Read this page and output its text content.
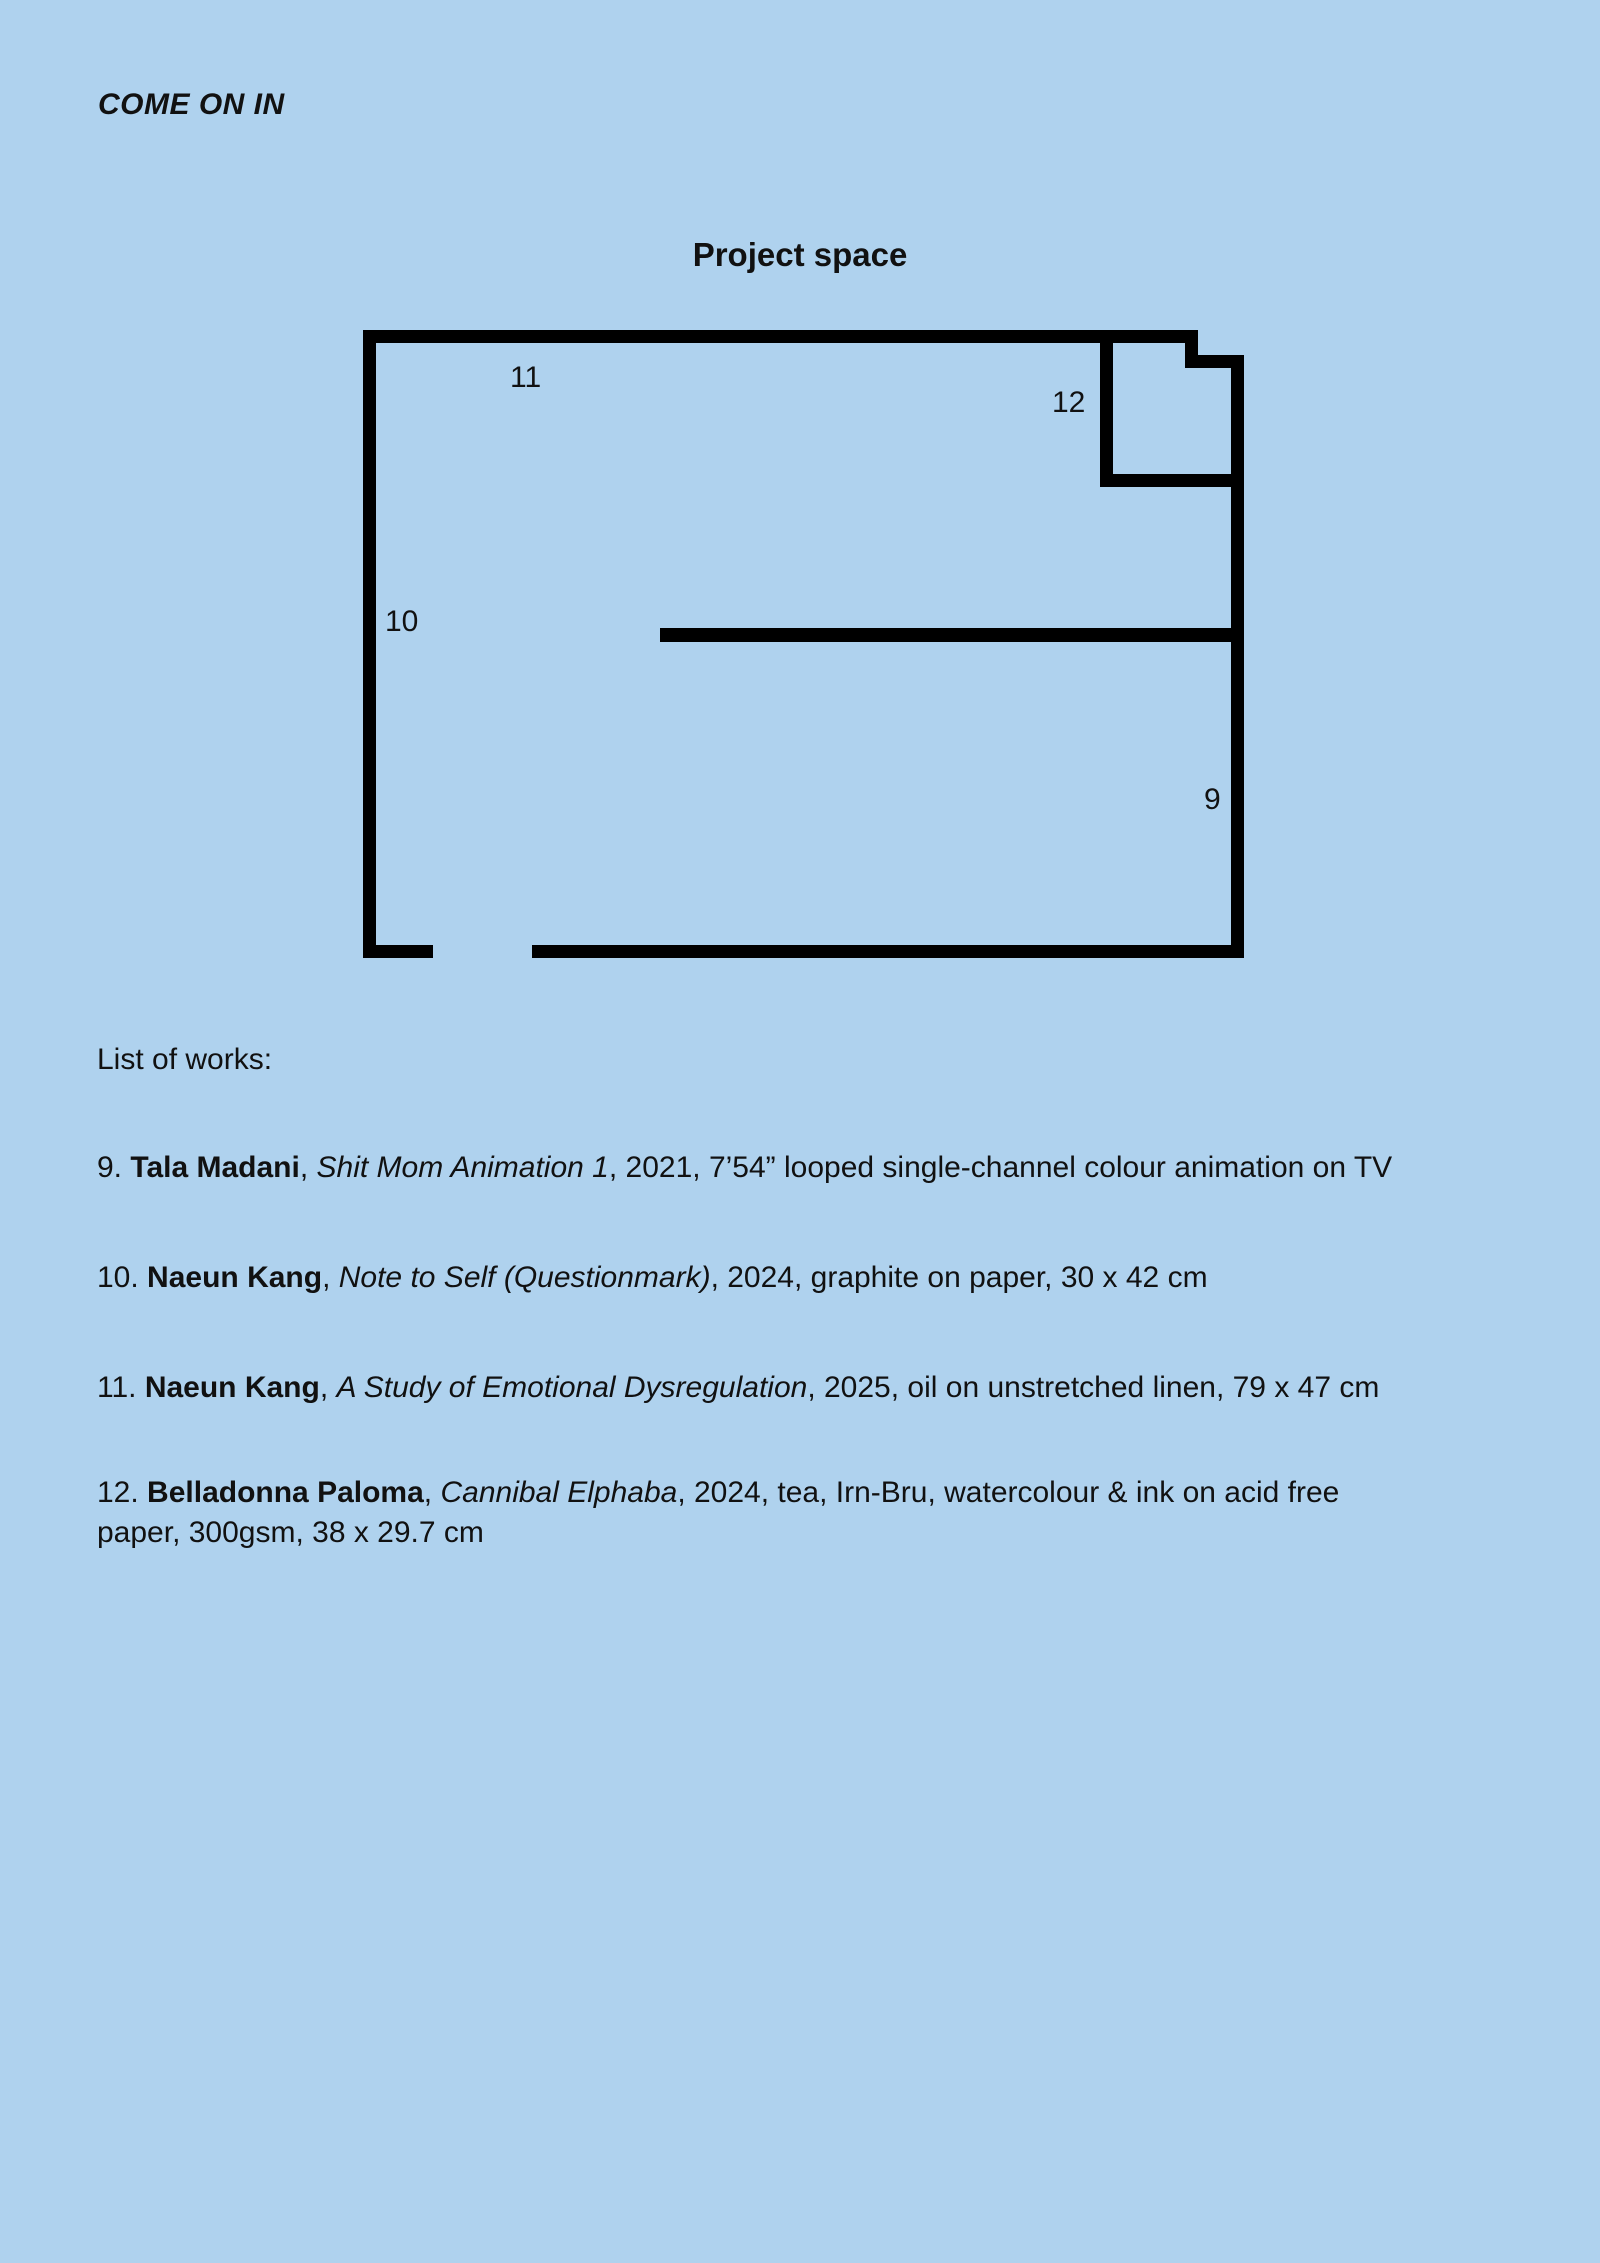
COME ON IN
Project space
11
12
10
9
List of works:

9. Tala Madani, Shit Mom Animation 1, 2021, 7’54” looped single-channel colour animation on TV

10. Naeun Kang, Note to Self (Questionmark), 2024, graphite on paper, 30 x 42 cm

11. Naeun Kang, A Study of Emotional Dysregulation, 2025, oil on unstretched linen, 79 x 47 cm

12. Belladonna Paloma, Cannibal Elphaba, 2024, tea, Irn-Bru, watercolour & ink on acid free
paper, 300gsm, 38 x 29.7 cm
